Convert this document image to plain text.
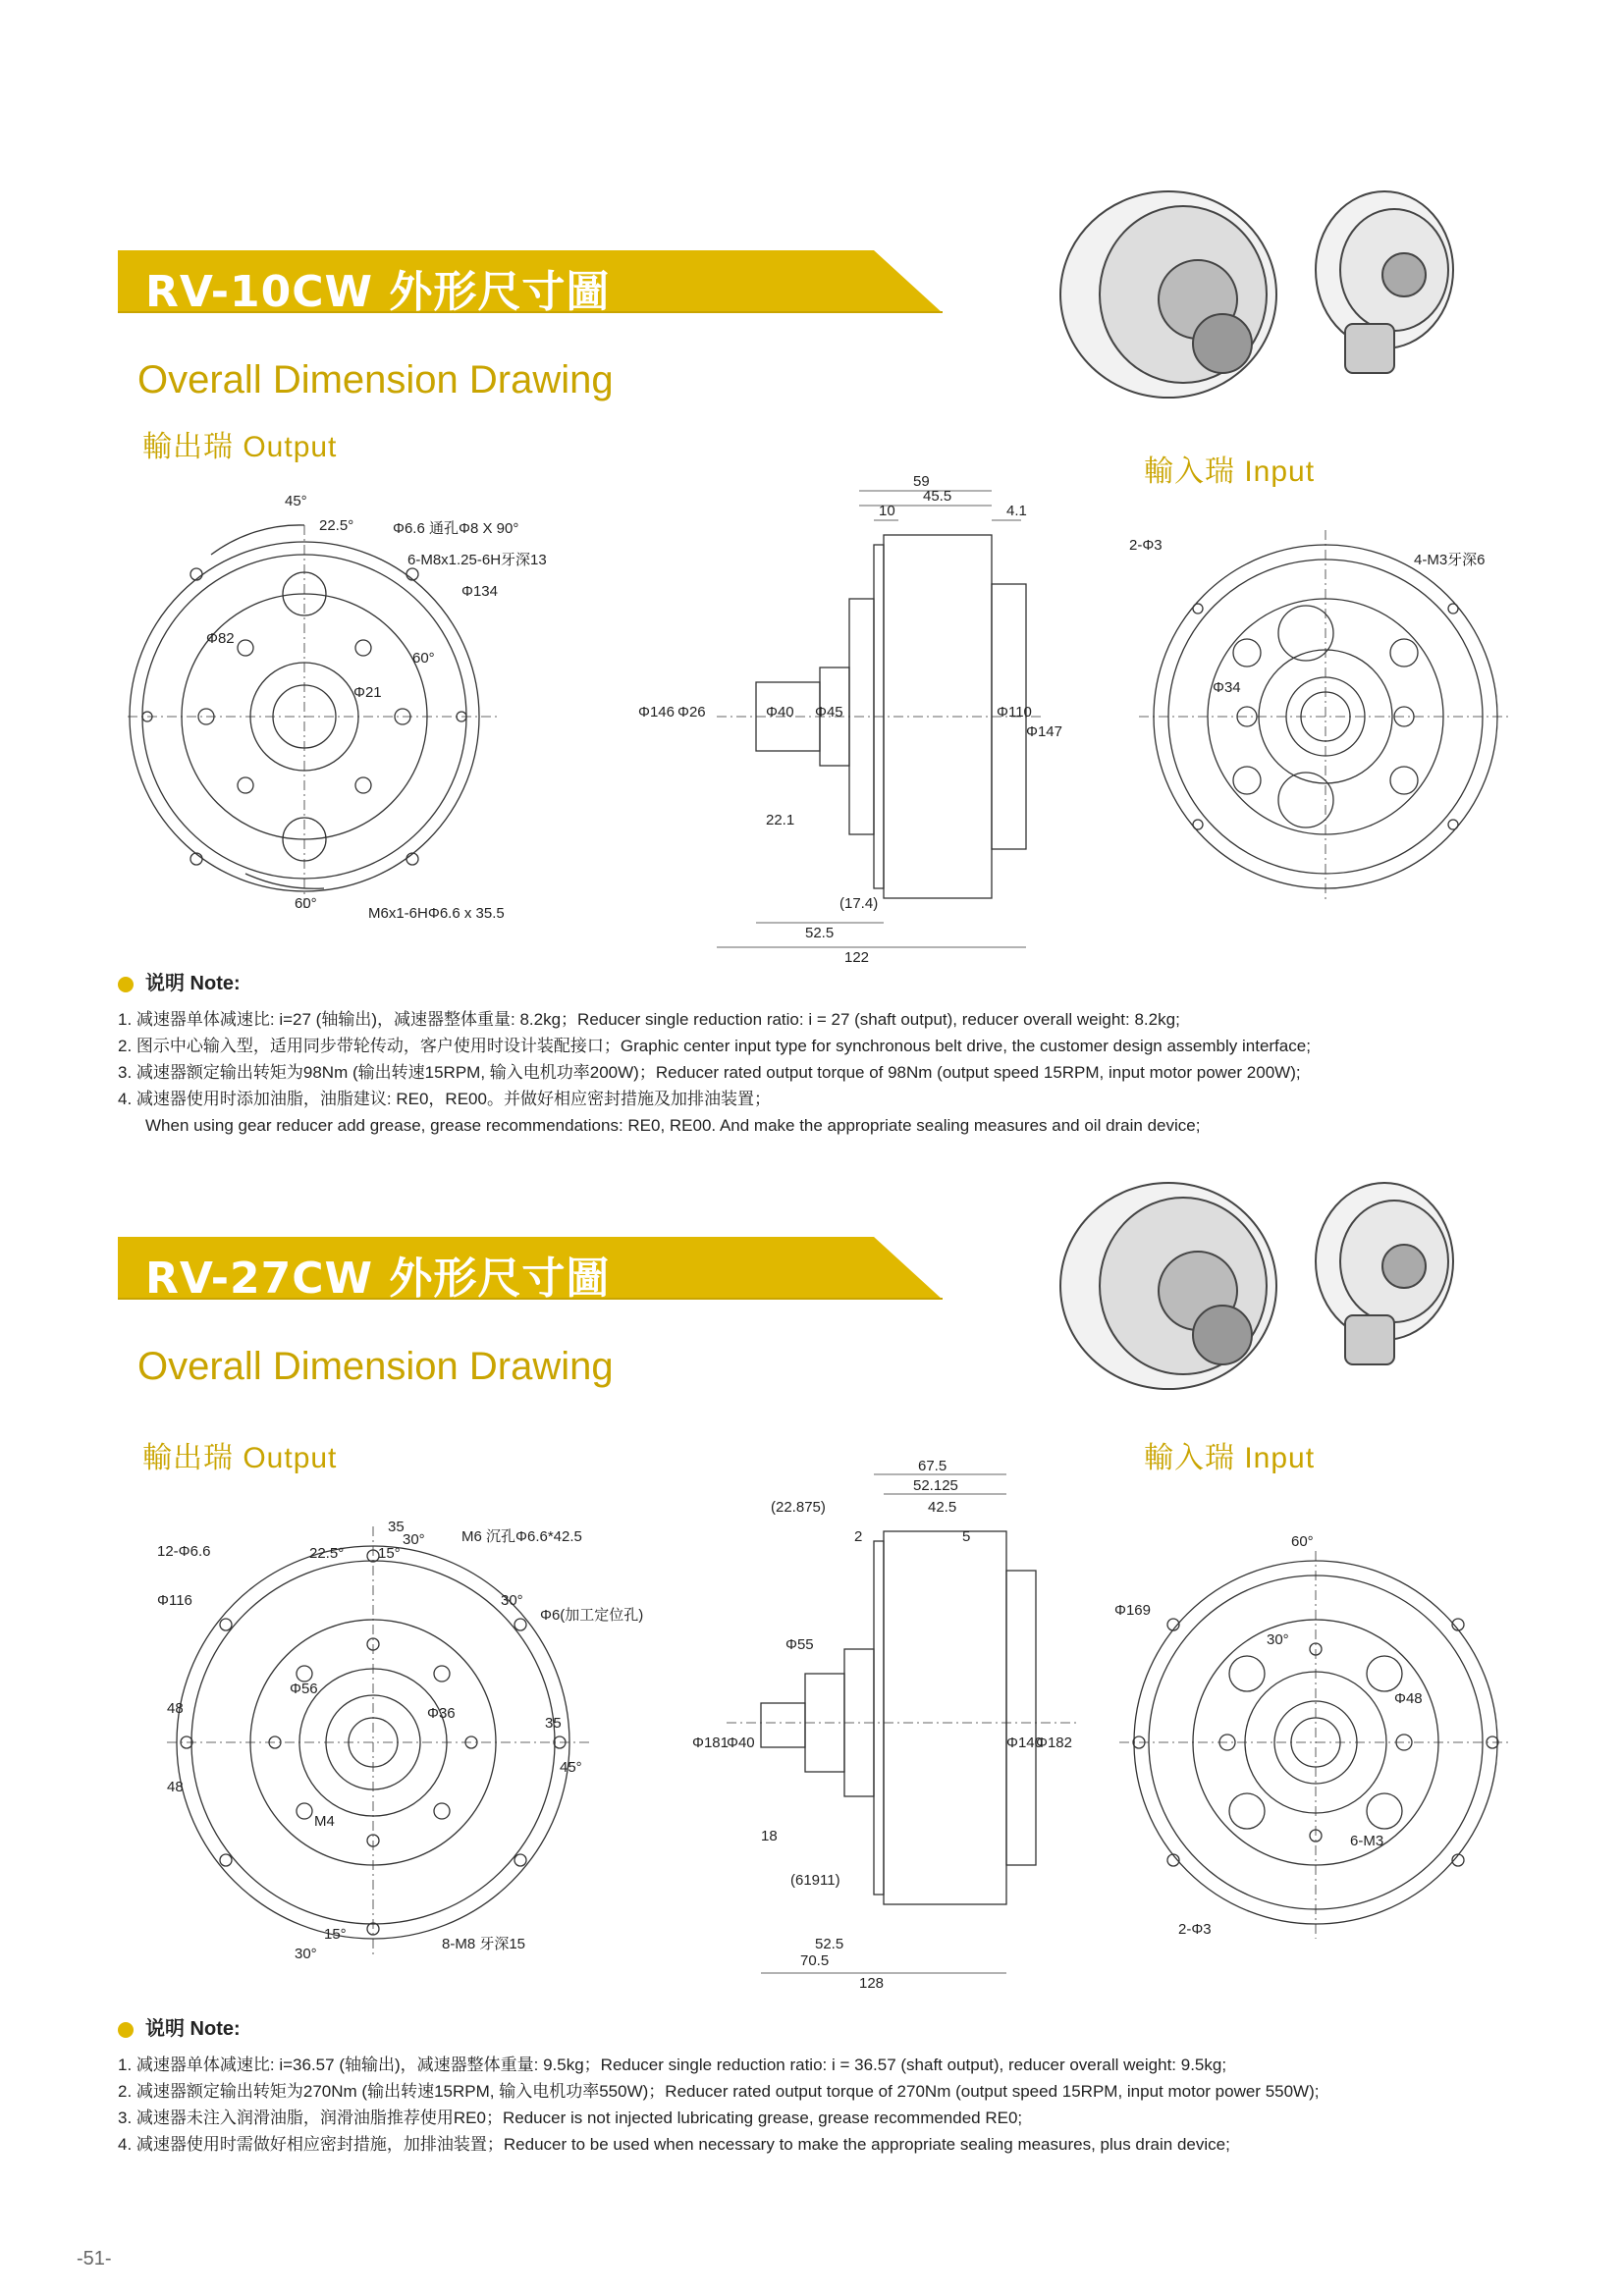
RV-10CW 外形尺寸圖
Overall Dimension Drawing
輸出瑞 Output
輸入瑞 Input
45°
22.5°	Φ6.6 通孔Φ8 X 90°
6-M8x1.25-6H牙深13
Φ134
Φ82
Φ21
60°
60°
M6x1-6HΦ6.6 x 35.5
59
45.5
10	4.1
Φ146 Φ26	Φ40 Φ45	Φ110
Φ147
22.1
(17.4)
52.5
122
2-Φ3
4-M3牙深6
Φ34
说明 Note:
1. 减速器单体减速比: i=27 (轴输出)，减速器整体重量: 8.2kg；Reducer single reduction ratio: i = 27 (shaft output), reducer overall weight: 8.2kg;
2. 图示中心输入型，适用同步带轮传动，客户使用时设计装配接口；Graphic center input type for synchronous belt drive, the customer design assembly interface;
3. 减速器额定输出转矩为98Nm (输出转速15RPM, 输入电机功率200W)；Reducer rated output torque of 98Nm (output speed 15RPM, input motor power 200W);
4. 减速器使用时添加油脂，油脂建议: RE0，RE00。并做好相应密封措施及加排油装置；
When using gear reducer add grease, grease recommendations: RE0, RE00. And make the appropriate sealing measures and oil drain device;
RV-27CW 外形尺寸圖
Overall Dimension Drawing
輸出瑞 Output	輸入瑞 Input
35
M6 沉孔Φ6.6*42.5
12-Φ6.6	22.5° 15°
30°
Φ116	30°
Φ6(加工定位孔)
Φ56
Φ36
48
35
45°
48
M4
15°
30°
8-M8 牙深15
67.5
52.125
(22.875)	42.5
2	5
Φ55
Φ181
Φ40	Φ140
Φ182
18
(61911)
52.5
70.5
128
60°
Φ169
30°
Φ48
6-M3
2-Φ3
说明 Note:
1. 减速器单体减速比: i=36.57 (轴输出)，减速器整体重量: 9.5kg；Reducer single reduction ratio: i = 36.57 (shaft output), reducer overall weight: 9.5kg;
2. 减速器额定输出转矩为270Nm (输出转速15RPM, 输入电机功率550W)；Reducer rated output torque of 270Nm (output speed 15RPM, input motor power 550W);
3. 减速器未注入润滑油脂，润滑油脂推荐使用RE0；Reducer is not injected lubricating grease, grease recommended RE0;
4. 减速器使用时需做好相应密封措施，加排油装置；Reducer to be used when necessary to make the appropriate sealing measures, plus drain device;
-51-
